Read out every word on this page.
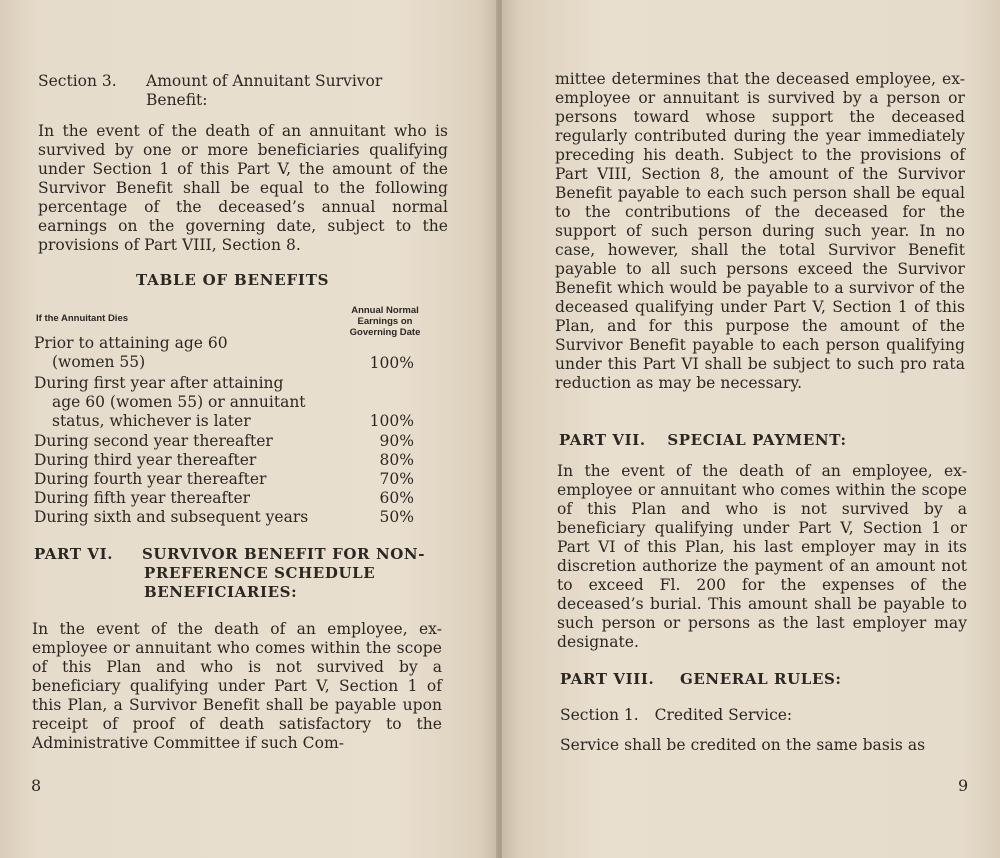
Section 3. Amount of Annuitant Survivor
Benefit:

In the event of the death of an annuitant who is survived by one or more beneficiaries qualifying under Section 1 of this Part V, the amount of the Survivor Benefit shall be equal to the following percentage of the deceased’s annual normal earnings on the governing date, subject to the provisions of Part VIII, Section 8.

TABLE OF BENEFITS
If the Annuitant Dies
Annual Normal
Earnings on
Governing Date
Prior to attaining age 60
(women 55)	100%
During first year after attaining
age 60 (women 55) or annuitant
status, whichever is later	100%
During second year thereafter	90%
During third year thereafter	80%
During fourth year thereafter	70%
During fifth year thereafter	60%
During sixth and subsequent years	50%
PART VI. SURVIVOR BENEFIT FOR NON-
PREFERENCE SCHEDULE
BENEFICIARIES:

In the event of the death of an employee, ex-employee or annuitant who comes within the scope of this Plan and who is not survived by a beneficiary qualifying under Part V, Section 1 of this Plan, a Survivor Benefit shall be payable upon receipt of proof of death satisfactory to the Administrative Committee if such Com-

8

mittee determines that the deceased employee, ex-employee or annuitant is survived by a person or persons toward whose support the deceased regularly contributed during the year immediately preceding his death. Subject to the provisions of Part VIII, Section 8, the amount of the Survivor Benefit payable to each such person shall be equal to the contributions of the deceased for the support of such person during such year. In no case, however, shall the total Survivor Benefit payable to all such persons exceed the Survivor Benefit which would be payable to a survivor of the deceased qualifying under Part V, Section 1 of this Plan, and for this purpose the amount of the Survivor Benefit payable to each person qualifying under this Part VI shall be subject to such pro rata reduction as may be necessary.

PART VII. SPECIAL PAYMENT:

In the event of the death of an employee, ex-employee or annuitant who comes within the scope of this Plan and who is not survived by a beneficiary qualifying under Part V, Section 1 or Part VI of this Plan, his last employer may in its discretion authorize the payment of an amount not to exceed Fl. 200 for the expenses of the deceased’s burial. This amount shall be payable to such person or persons as the last employer may designate.

PART VIII. GENERAL RULES:
Section 1. Credited Service:

Service shall be credited on the same basis as

9
